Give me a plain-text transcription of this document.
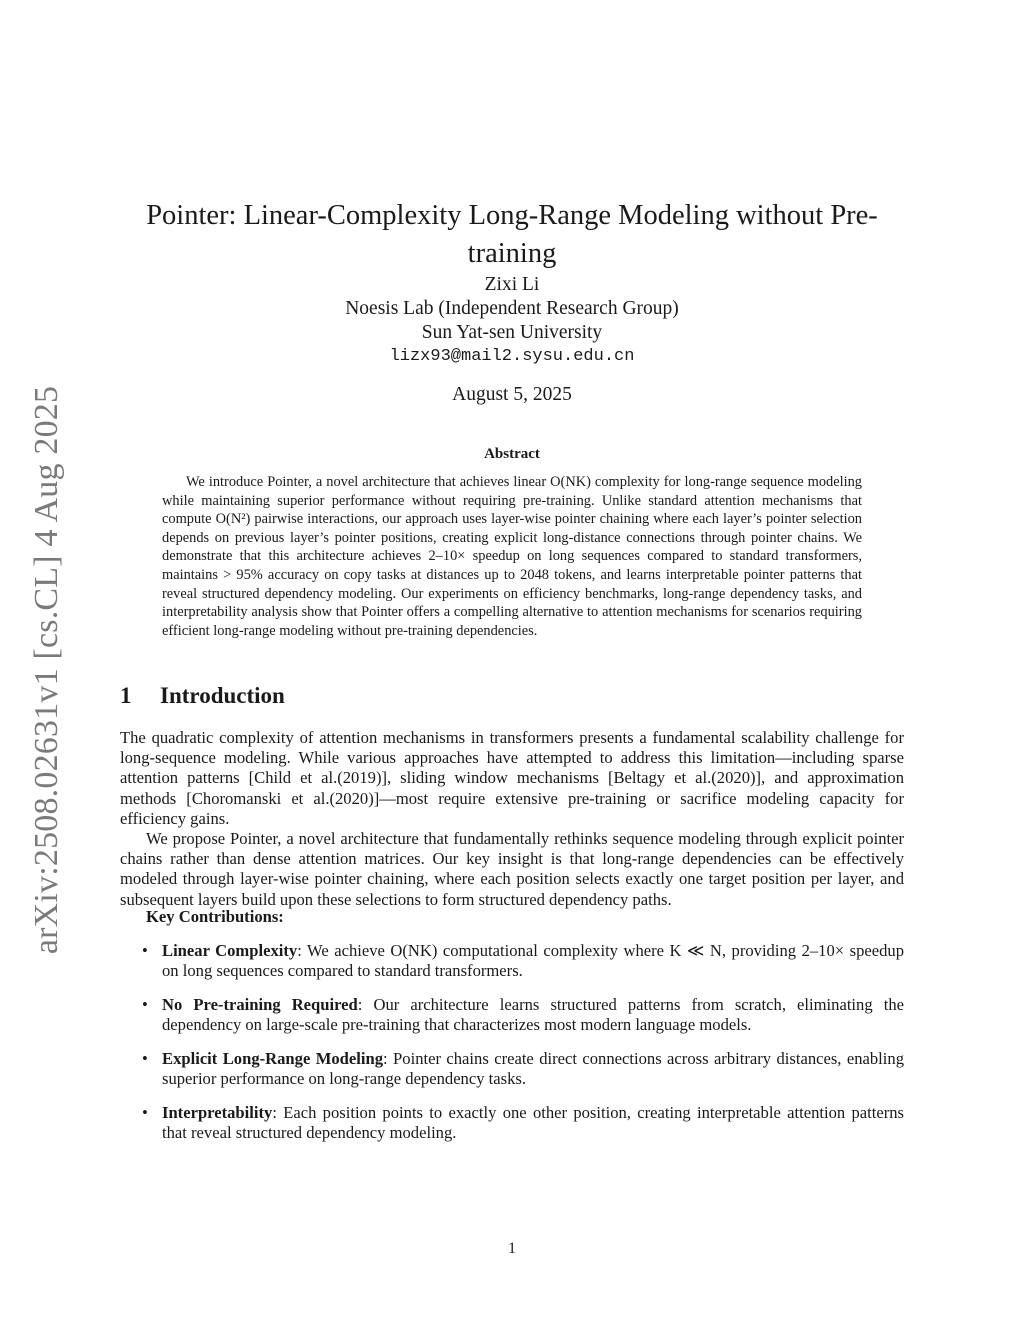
arXiv:2508.02631v1 [cs.CL] 4 Aug 2025
Pointer: Linear-Complexity Long-Range Modeling without Pre-training
Zixi Li
Noesis Lab (Independent Research Group)
Sun Yat-sen University
lizx93@mail2.sysu.edu.cn
August 5, 2025
Abstract

We introduce Pointer, a novel architecture that achieves linear O(NK) complexity for long-range sequence modeling while maintaining superior performance without requiring pre-training. Unlike standard attention mechanisms that compute O(N²) pairwise interactions, our approach uses layer-wise pointer chaining where each layer’s pointer selection depends on previous layer’s pointer positions, creating explicit long-distance connections through pointer chains. We demonstrate that this architecture achieves 2–10× speedup on long sequences compared to standard transformers, maintains > 95% accuracy on copy tasks at distances up to 2048 tokens, and learns interpretable pointer patterns that reveal structured dependency modeling. Our experiments on efficiency benchmarks, long-range dependency tasks, and interpretability analysis show that Pointer offers a compelling alternative to attention mechanisms for scenarios requiring efficient long-range modeling without pre-training dependencies.

1 Introduction

The quadratic complexity of attention mechanisms in transformers presents a fundamental scalability challenge for long-sequence modeling. While various approaches have attempted to address this limitation—including sparse attention patterns [Child et al.(2019)], sliding window mechanisms [Beltagy et al.(2020)], and approximation methods [Choromanski et al.(2020)]—most require extensive pre-training or sacrifice modeling capacity for efficiency gains.

We propose Pointer, a novel architecture that fundamentally rethinks sequence modeling through explicit pointer chains rather than dense attention matrices. Our key insight is that long-range dependencies can be effectively modeled through layer-wise pointer chaining, where each position selects exactly one target position per layer, and subsequent layers build upon these selections to form structured dependency paths.

Key Contributions:
• Linear Complexity: We achieve O(NK) computational complexity where K ≪ N, providing 2–10× speedup on long sequences compared to standard transformers.
• No Pre-training Required: Our architecture learns structured patterns from scratch, eliminating the dependency on large-scale pre-training that characterizes most modern language models.
• Explicit Long-Range Modeling: Pointer chains create direct connections across arbitrary distances, enabling superior performance on long-range dependency tasks.
• Interpretability: Each position points to exactly one other position, creating interpretable attention patterns that reveal structured dependency modeling.
1
